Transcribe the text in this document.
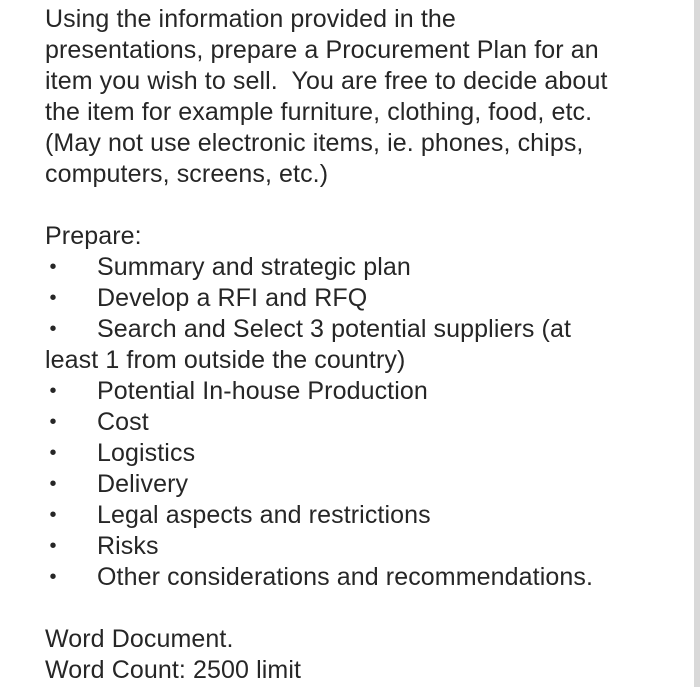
Using the information provided in the
presentations, prepare a Procurement Plan for an
item you wish to sell.  You are free to decide about
the item for example furniture, clothing, food, etc.
(May not use electronic items, ie. phones, chips,
computers, screens, etc.)
Prepare:
• Summary and strategic plan
• Develop a RFI and RFQ
•	Search and Select 3 potential suppliers (at
least 1 from outside the country)
• Potential In-house Production
• Cost
• Logistics
• Delivery
• Legal aspects and restrictions
• Risks
• Other considerations and recommendations.
Word Document.
Word Count: 2500 limit
